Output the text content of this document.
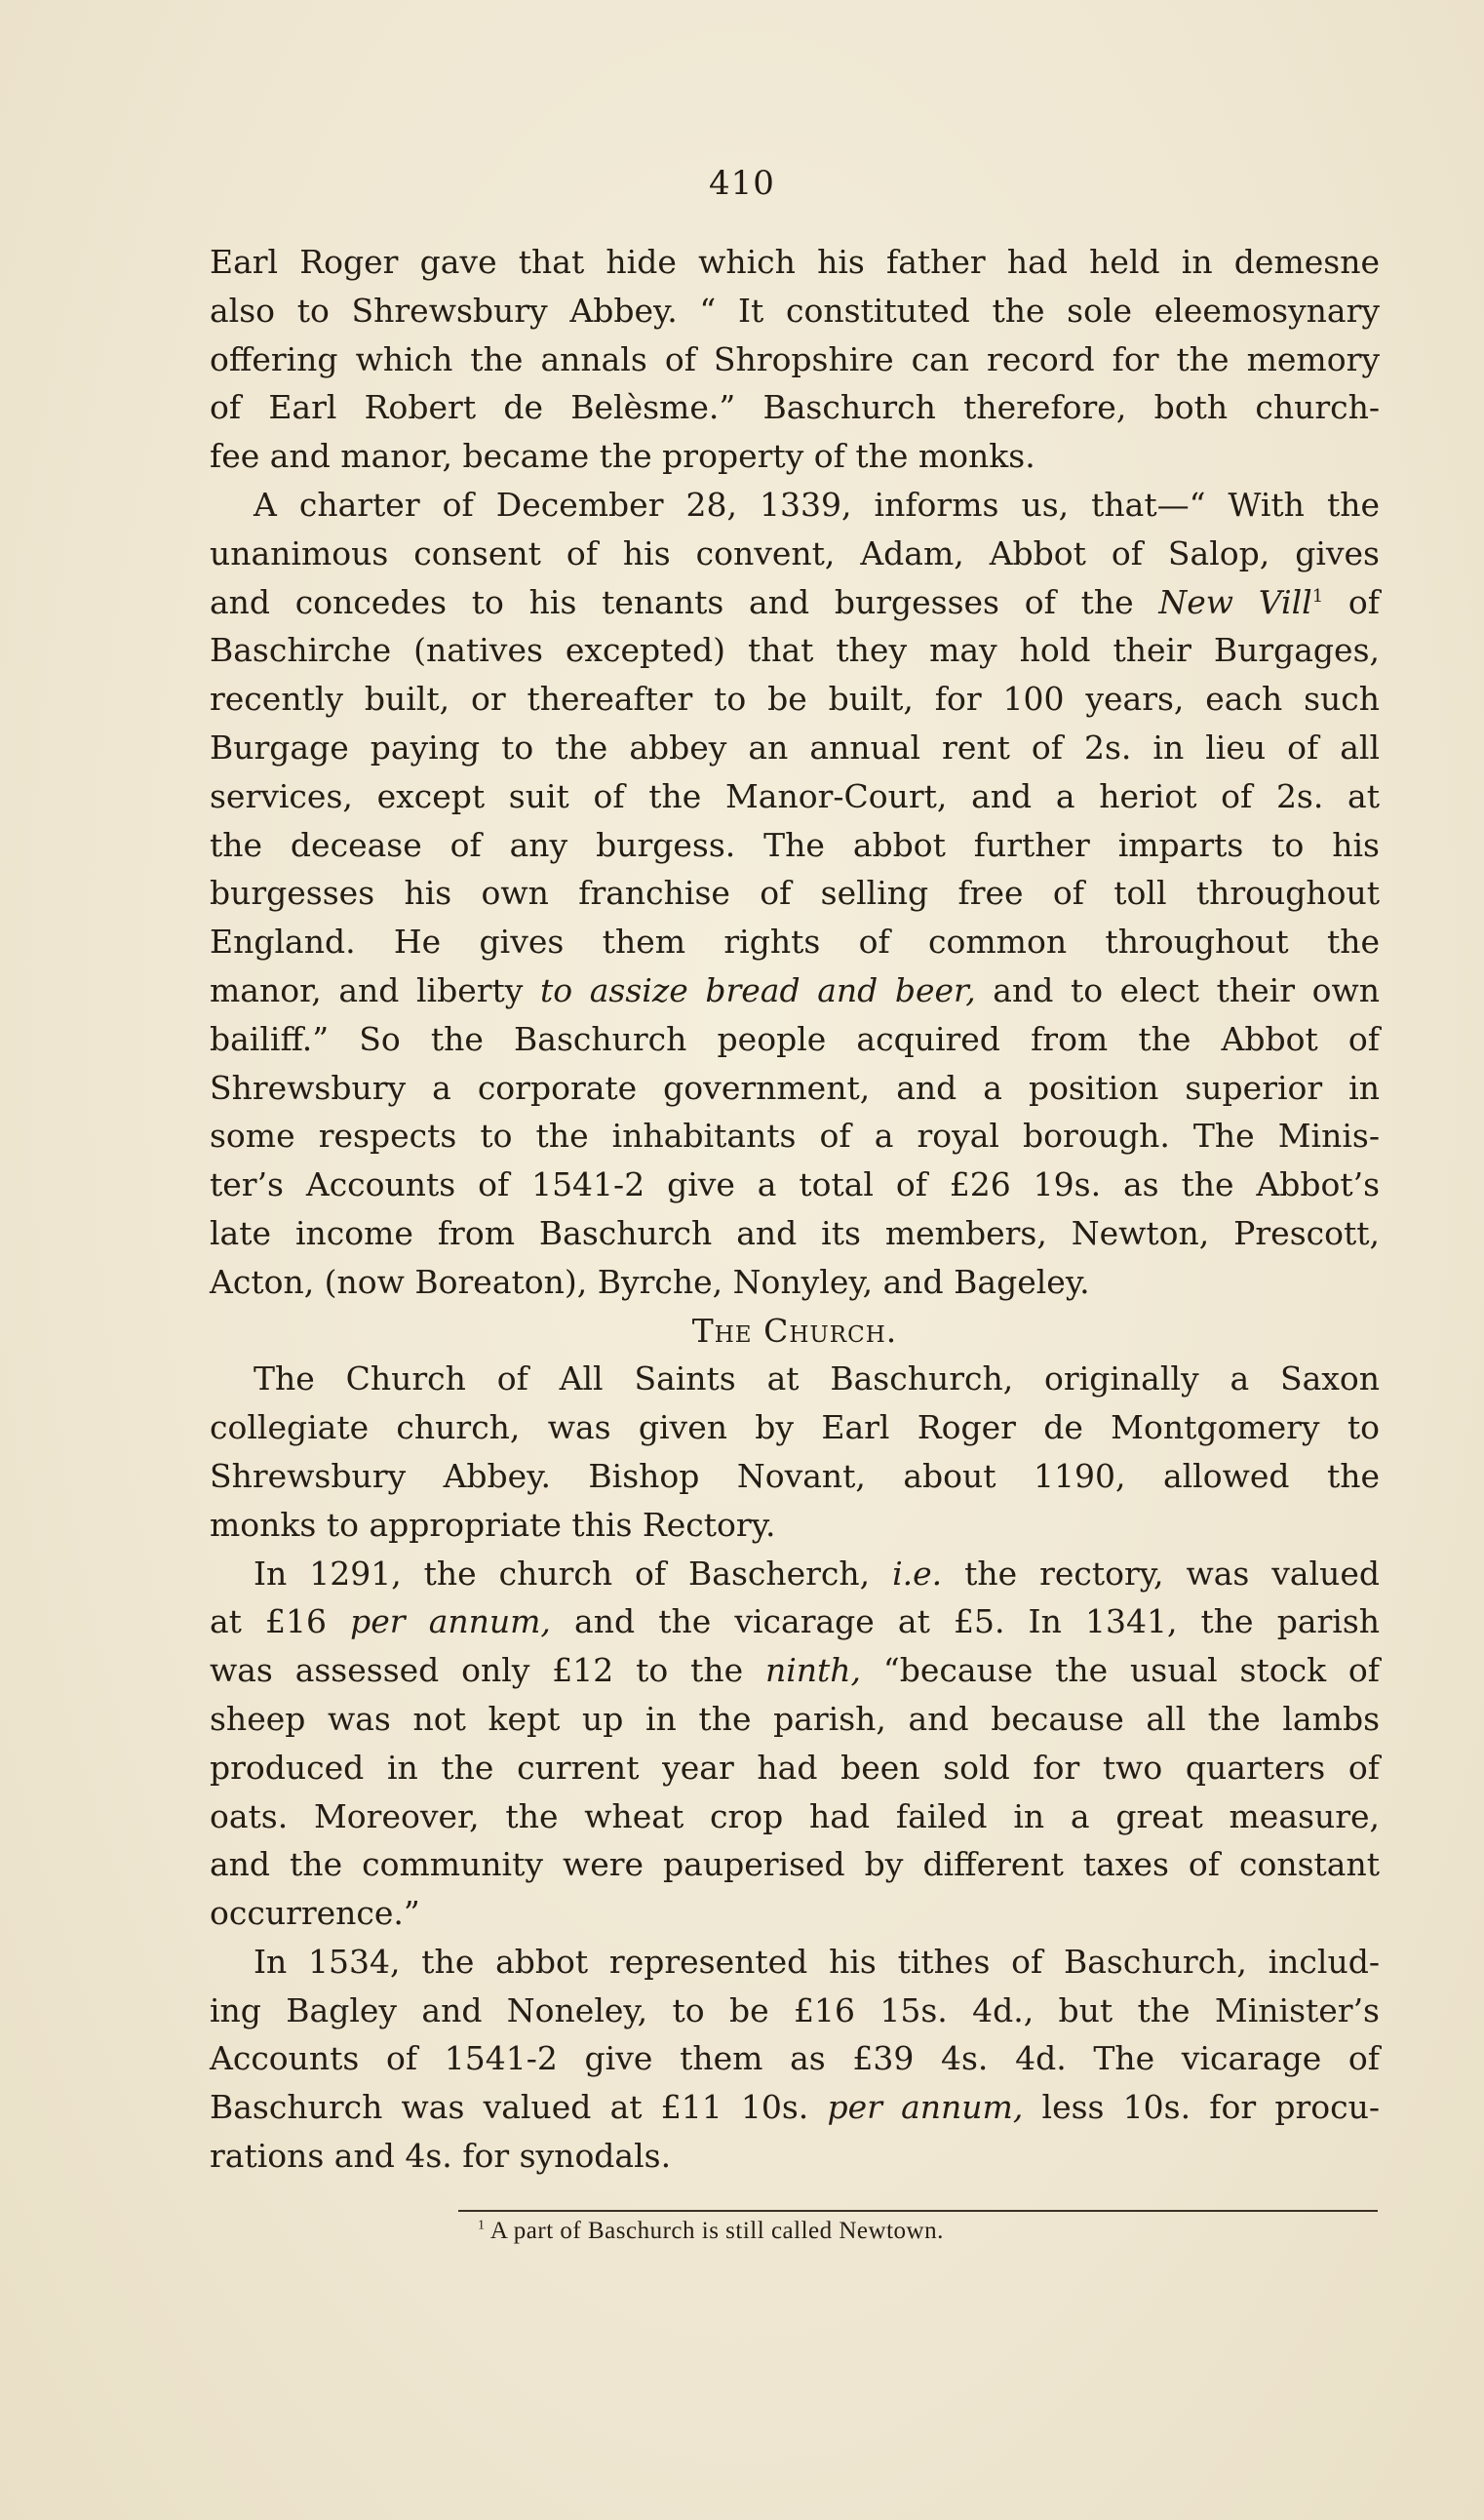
410
Earl Roger gave that hide which his father had held in demesne
also to Shrewsbury Abbey. “ It constituted the sole eleemosynary
offering which the annals of Shropshire can record for the memory
of Earl Robert de Belèsme.” Baschurch therefore, both church-
fee and manor, became the property of the monks.
A charter of December 28, 1339, informs us, that—“ With the
unanimous consent of his convent, Adam, Abbot of Salop, gives
and concedes to his tenants and burgesses of the New Vill$^1$ of
Baschirche (natives excepted) that they may hold their Burgages,
recently built, or thereafter to be built, for 100 years, each such
Burgage paying to the abbey an annual rent of 2s. in lieu of all
services, except suit of the Manor-Court, and a heriot of 2s. at
the decease of any burgess. The abbot further imparts to his
burgesses his own franchise of selling free of toll throughout
England. He gives them rights of common throughout the
manor, and liberty to assize bread and beer, and to elect their own
bailiff.” So the Baschurch people acquired from the Abbot of
Shrewsbury a corporate government, and a position superior in
some respects to the inhabitants of a royal borough. The Minis-
ter’s Accounts of 1541-2 give a total of £26 19s. as the Abbot’s
late income from Baschurch and its members, Newton, Prescott,
Acton, (now Boreaton), Byrche, Nonyley, and Bageley.
The Church.
The Church of All Saints at Baschurch, originally a Saxon
collegiate church, was given by Earl Roger de Montgomery to
Shrewsbury Abbey. Bishop Novant, about 1190, allowed the
monks to appropriate this Rectory.
In 1291, the church of Bascherch, i.e. the rectory, was valued
at £16 per annum, and the vicarage at £5. In 1341, the parish
was assessed only £12 to the ninth, “because the usual stock of
sheep was not kept up in the parish, and because all the lambs
produced in the current year had been sold for two quarters of
oats. Moreover, the wheat crop had failed in a great measure,
and the community were pauperised by different taxes of constant
occurrence.”
In 1534, the abbot represented his tithes of Baschurch, includ-
ing Bagley and Noneley, to be £16 15s. 4d., but the Minister’s
Accounts of 1541-2 give them as £39 4s. 4d. The vicarage of
Baschurch was valued at £11 10s. per annum, less 10s. for procu-
rations and 4s. for synodals.
$^1$ A part of Baschurch is still called Newtown.
